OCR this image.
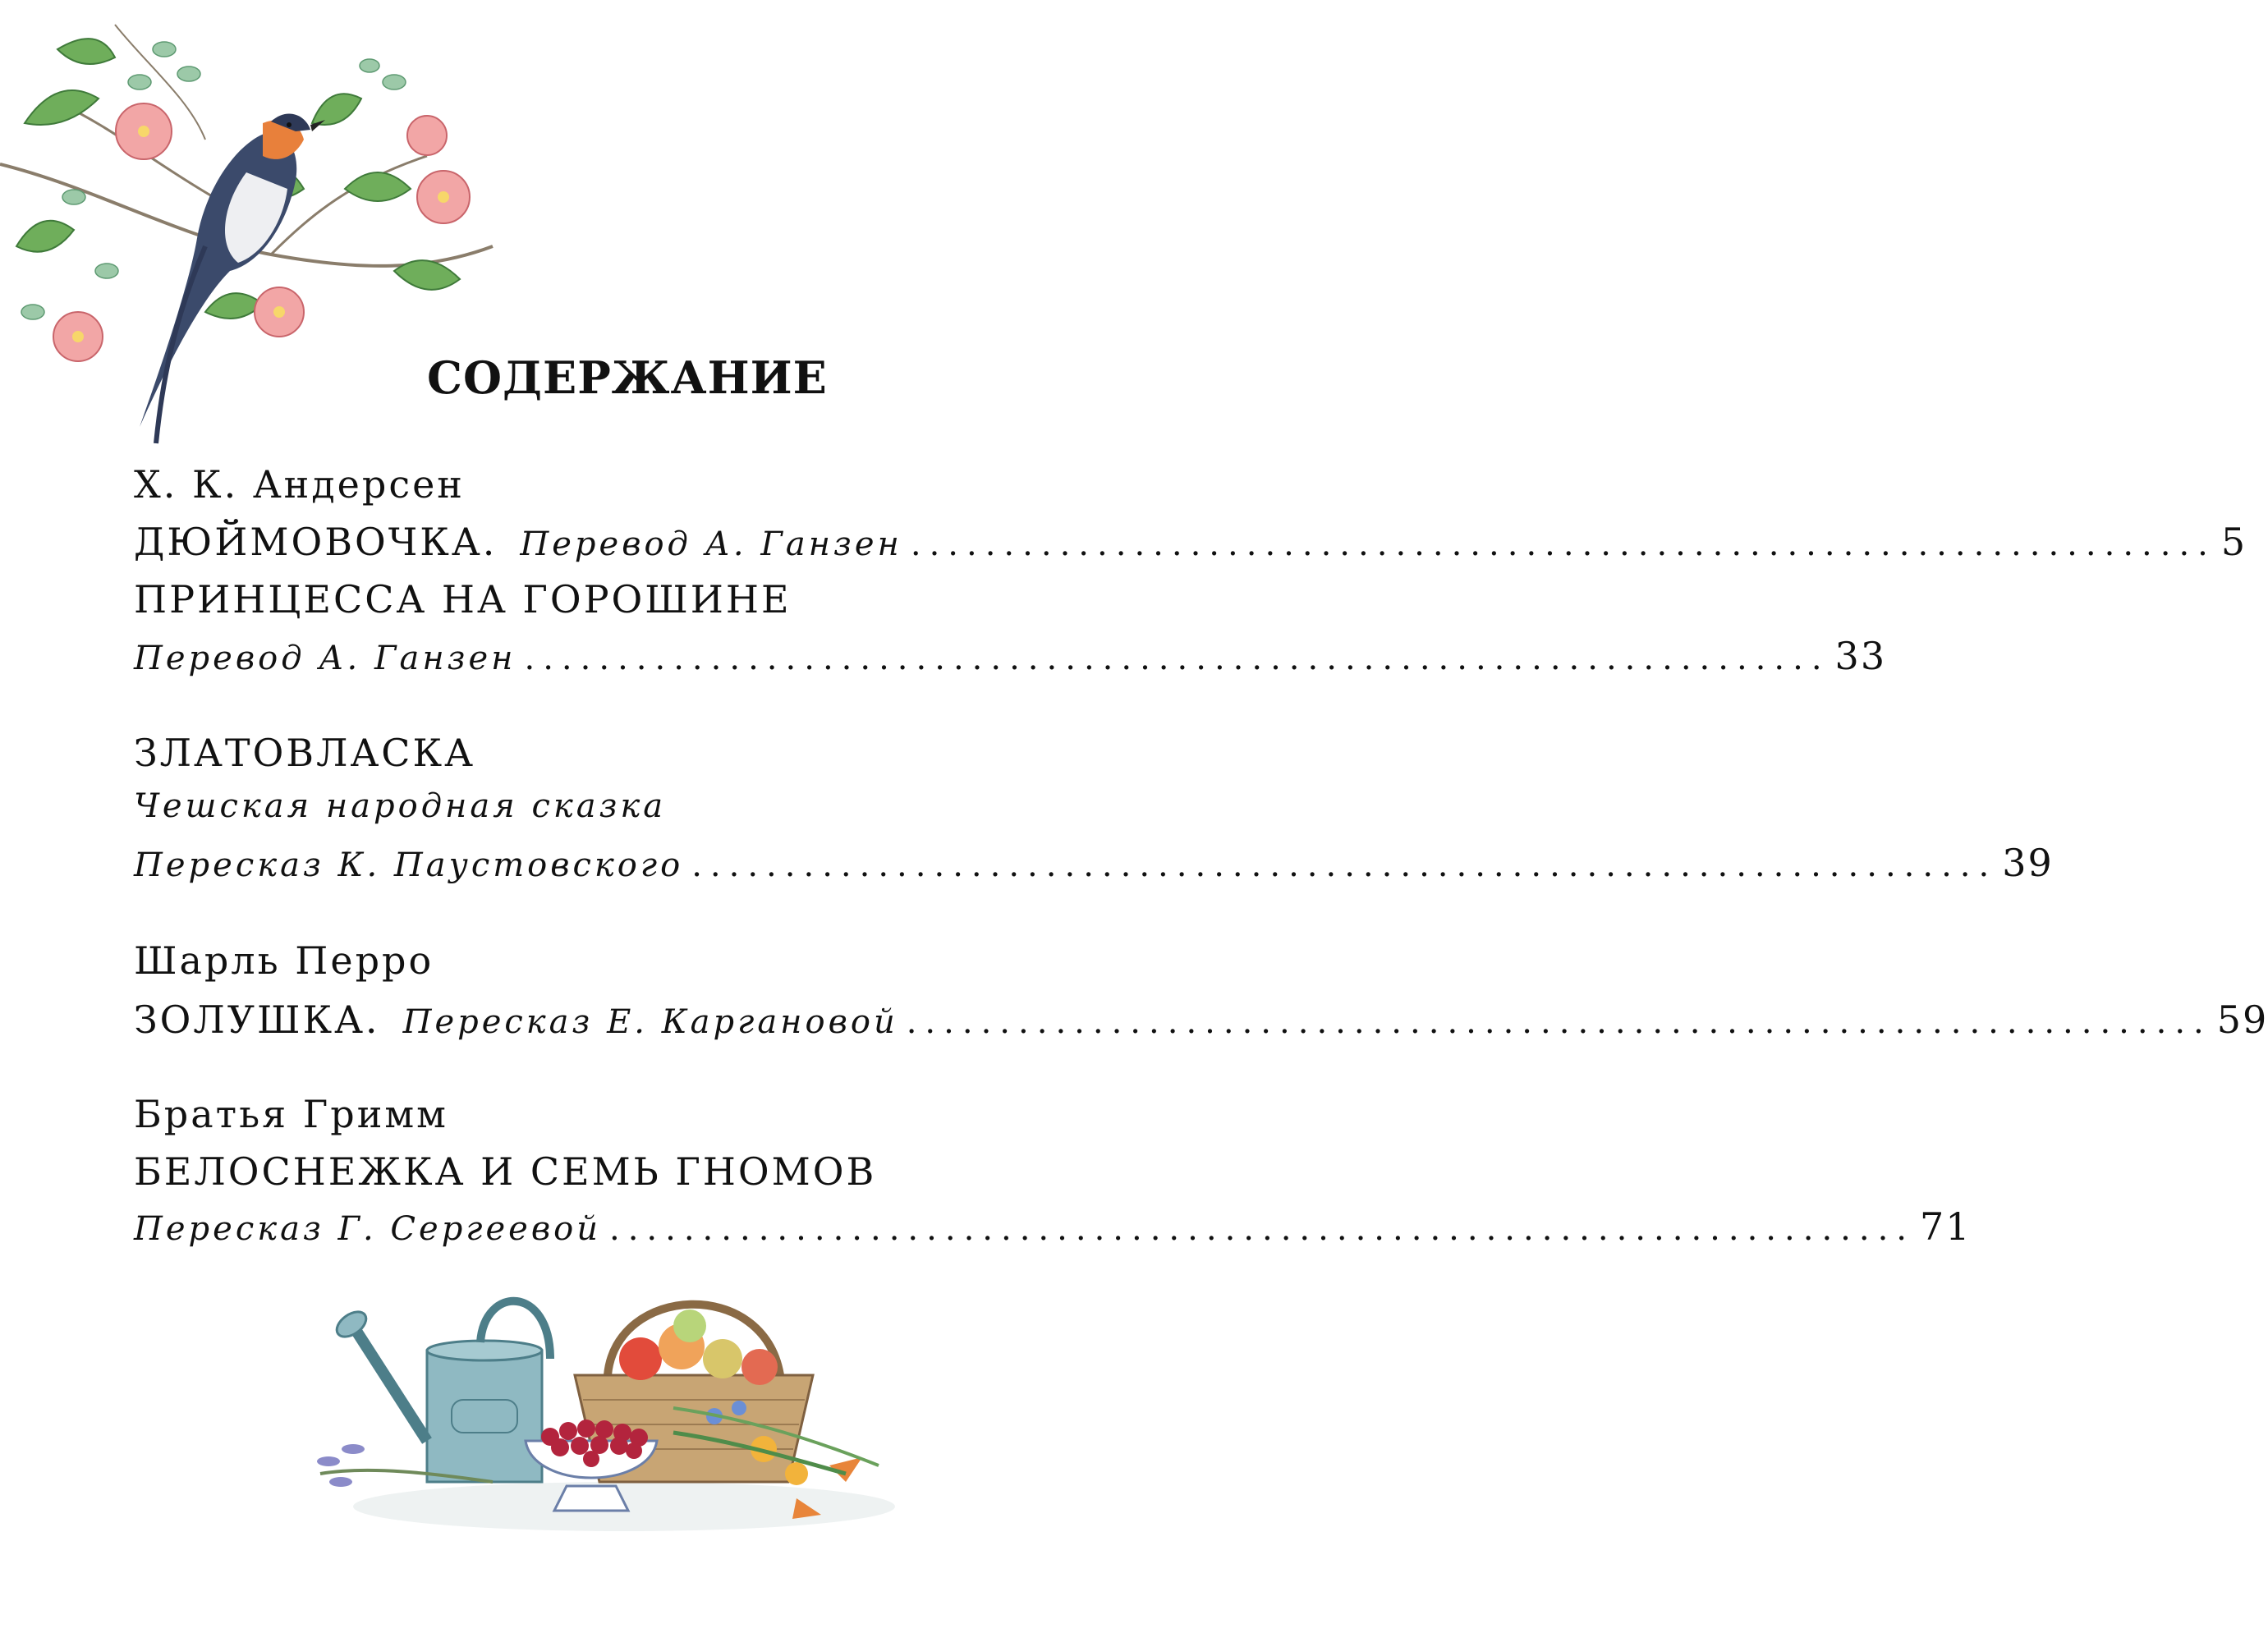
СОДЕРЖАНИЕ
Х. К. Андерсен
ДЮЙМОВОЧКА. Перевод А. Ганзен ...................................................................... 5
ПРИНЦЕССА НА ГОРОШИНЕ
Перевод А. Ганзен ...................................................................... 33
ЗЛАТОВЛАСКА
Чешская народная сказка
Пересказ К. Паустовского ...................................................................... 39
Шарль Перро
ЗОЛУШКА. Пересказ Е. Каргановой ...................................................................... 59
Братья Гримм
БЕЛОСНЕЖКА И СЕМЬ ГНОМОВ
Пересказ Г. Сергеевой ...................................................................... 71
